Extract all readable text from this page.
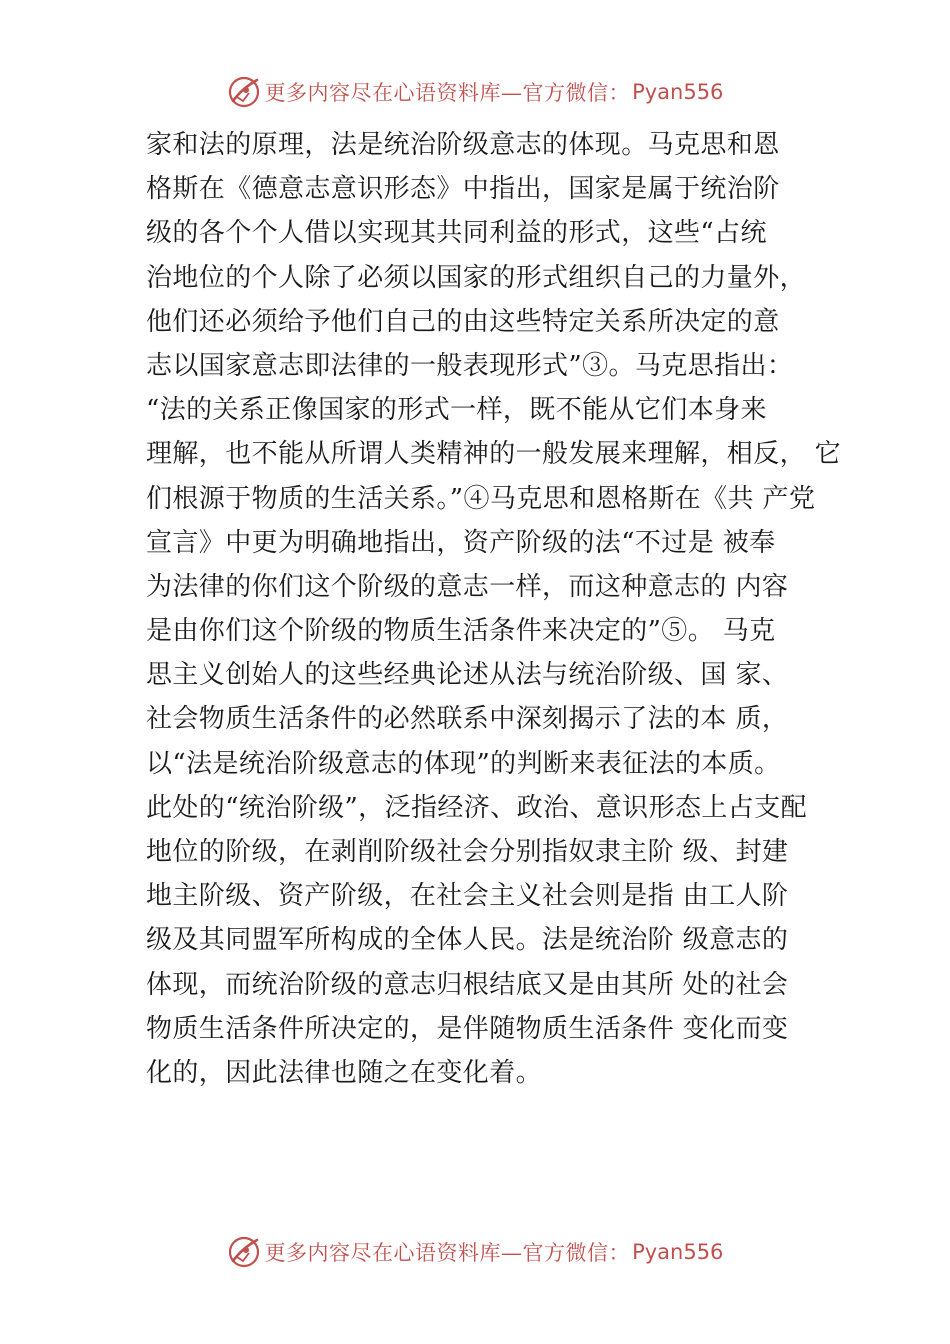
更多内容尽在心语资料库—官方微信： Pyan556
家和法的原理，法是统治阶级意志的体现。马克思和恩
格斯在《德意志意识形态》中指出，国家是属于统治阶
级的各个个人借以实现其共同利益的形式，这些“占统
治地位的个人除了必须以国家的形式组织自己的力量外，
他们还必须给予他们自己的由这些特定关系所决定的意
志以国家意志即法律的一般表现形式”③。马克思指出：
“法的关系正像国家的形式一样，既不能从它们本身来
理解，也不能从所谓人类精神的一般发展来理解，相反， 它
们根源于物质的生活关系。”④马克思和恩格斯在《共 产党
宣言》中更为明确地指出，资产阶级的法“不过是 被奉
为法律的你们这个阶级的意志一样，而这种意志的 内容
是由你们这个阶级的物质生活条件来决定的”⑤。 马克
思主义创始人的这些经典论述从法与统治阶级、国 家、
社会物质生活条件的必然联系中深刻揭示了法的本 质，
以“法是统治阶级意志的体现”的判断来表征法的本质。
此处的“统治阶级”，泛指经济、政治、意识形态上占支配
地位的阶级，在剥削阶级社会分别指奴隶主阶 级、封建
地主阶级、资产阶级，在社会主义社会则是指 由工人阶
级及其同盟军所构成的全体人民。法是统治阶 级意志的
体现，而统治阶级的意志归根结底又是由其所 处的社会
物质生活条件所决定的，是伴随物质生活条件 变化而变
化的，因此法律也随之在变化着。
更多内容尽在心语资料库—官方微信： Pyan556
